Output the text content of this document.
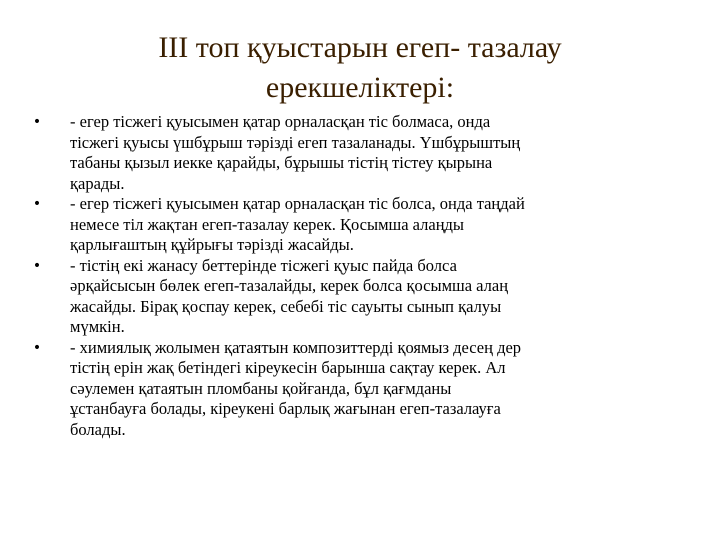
III топ қуыстарын егеп- тазалау
ерекшеліктері:
• - егер тісжегі қуысымен қатар орналасқан тіс болмаса, онда
тісжегі қуысы үшбұрыш тәрізді егеп тазаланады. Үшбұрыштың
табаны қызыл иекке қарайды, бұрышы тістің тістеу қырына
қарады.
• - егер тісжегі қуысымен қатар орналасқан тіс болса, онда таңдай
немесе тіл жақтан егеп-тазалау керек. Қосымша алаңды
қарлығаштың құйрығы тәрізді жасайды.
• - тістің екі жанасу беттерінде тісжегі қуыс пайда болса
әрқайсысын бөлек егеп-тазалайды, керек болса қосымша алаң
жасайды. Бірақ қоспау керек, себебі тіс сауыты сынып қалуы
мүмкін.
• - химиялық жолымен қатаятын композиттерді қоямыз десең дер
тістің ерін жақ бетіндегі кіреукесін барынша сақтау керек. Ал
сәулемен қатаятын пломбаны қойғанда, бұл қағмданы
ұстанбауға болады, кіреукені барлық жағынан егеп-тазалауға
болады.
